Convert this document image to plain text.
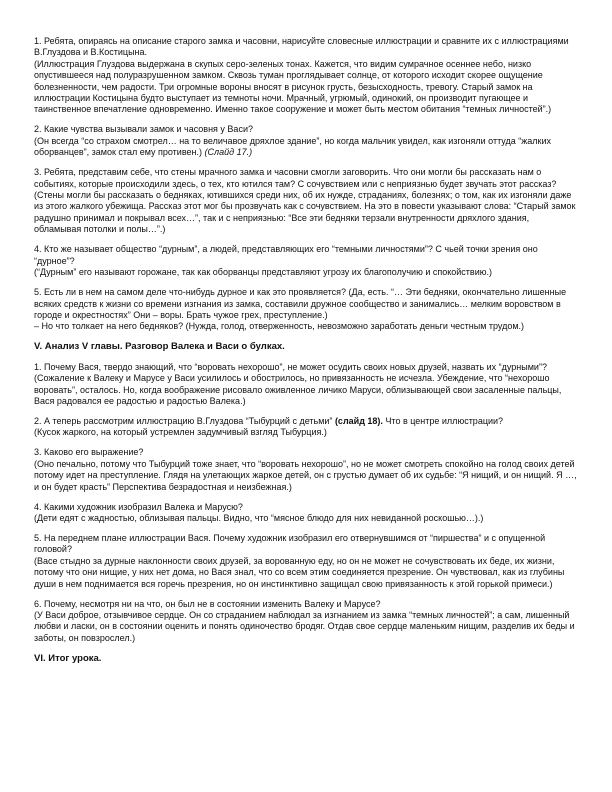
1. Ребята, опираясь на описание старого замка и часовни, нарисуйте словесные иллюстрации и сравните их с иллюстрациями В.Глуздова и В.Костицына.

(Иллюстрация Глуздова выдержана в скупых серо-зеленых тонах. Кажется, что видим сумрачное осеннее небо, низко опустившееся над полуразрушенном замком. Сквозь туман проглядывает солнце, от которого исходит скорее ощущение болезненности, чем радости. Три огромные вороны вносят в рисунок грусть, безысходность, тревогу. Старый замок на иллюстрации Костицына будто выступает из темноты ночи. Мрачный, угрюмый, одинокий, он производит пугающее и таинственное впечатление одновременно. Именно такое сооружение и может быть местом обитания “темных личностей”.)

2. Какие чувства вызывали замок и часовня у Васи?

(Он всегда “со страхом смотрел… на то величавое дряхлое здание”, но когда мальчик увидел, как изгоняли оттуда “жалких оборванцев”, замок стал ему противен.) (Слайд 17.)

3. Ребята, представим себе, что стены мрачного замка и часовни смогли заговорить. Что они могли бы рассказать нам о событиях, которые происходили здесь, о тех, кто ютился там? С сочувствием или с неприязнью будет звучать этот рассказ?

(Стены могли бы рассказать о бедняках, ютившихся среди них, об их нужде, страданиях, болезнях; о том, как их изгоняли даже из этого жалкого убежища. Рассказ этот мог бы прозвучать как с сочувствием. На это в повести указывают слова: “Старый замок радушно принимал и покрывал всех…”, так и с неприязнью: “Все эти бедняки терзали внутренности дряхлого здания, обламывая потолки и полы…”.)

4. Кто же называет общество “дурным”, а людей, представляющих его “темными личностями”? С чьей точки зрения оно “дурное”?

(“Дурным” его называют горожане, так как оборванцы представляют угрозу их благополучию и спокойствию.)

5. Есть ли в нем на самом деле что-нибудь дурное и как это проявляется? (Да, есть. “… Эти бедняки, окончательно лишенные всяких средств к жизни со времени изгнания из замка, составили дружное сообщество и занимались… мелким воровством в городе и окрестностях” Они – воры. Брать чужое грех, преступление.)

– Но что толкает на него бедняков? (Нужда, голод, отверженность, невозможно заработать деньги честным трудом.)

V. Анализ V главы. Разговор Валека и Васи о булках.

1. Почему Вася, твердо знающий, что “воровать нехорошо”, не может осудить своих новых друзей, назвать их “дурными”?

(Сожаление к Валеку и Марусе у Васи усилилось и обострилось, но привязанность не исчезла. Убеждение, что “нехорошо воровать”, осталось. Но, когда воображение рисовало оживленное личико Маруси, облизывающей свои засаленные пальцы, Вася радовался ее радостью и радостью Валека.)

2. А теперь рассмотрим иллюстрацию В.Глуздова “Тыбурций с детьми” (слайд 18). Что в центре иллюстрации?

(Кусок жаркого, на который устремлен задумчивый взгляд Тыбурция.)

3. Каково его выражение?

(Оно печально, потому что Тыбурций тоже знает, что “воровать нехорошо”, но не может смотреть спокойно на голод своих детей потому идет на преступление. Глядя на улетающих жаркое детей, он с грустью думает об их судьбе: “Я нищий, и он нищий. Я …, и он будет красть” Перспектива безрадостная и неизбежная.)

4. Какими художник изобразил Валека и Марусю?

(Дети едят с жадностью, облизывая пальцы. Видно, что “мясное блюдо для них невиданной роскошью…).)

5. На переднем плане иллюстрации Вася. Почему художник изобразил его отвернувшимся от “пиршества” и с опущенной головой?

(Васе стыдно за дурные наклонности своих друзей, за ворованную еду, но он не может не сочувствовать их беде, их жизни, потому что они нищие, у них нет дома, но Вася знал, что со всем этим соединяется презрение. Он чувствовал, как из глубины души в нем поднимается вся горечь презрения, но он инстинктивно защищал свою привязанность к этой горькой примеси.)

6. Почему, несмотря ни на что, он был не в состоянии изменить Валеку и Марусе?

(У Васи доброе, отзывчивое сердце. Он со страданием наблюдал за изгнанием из замка “темных личностей”; а сам, лишенный любви и ласки, он в состоянии оценить и понять одиночество бродяг. Отдав свое сердце маленьким нищим, разделив их беды и заботы, он повзрослел.)

VI. Итог урока.
